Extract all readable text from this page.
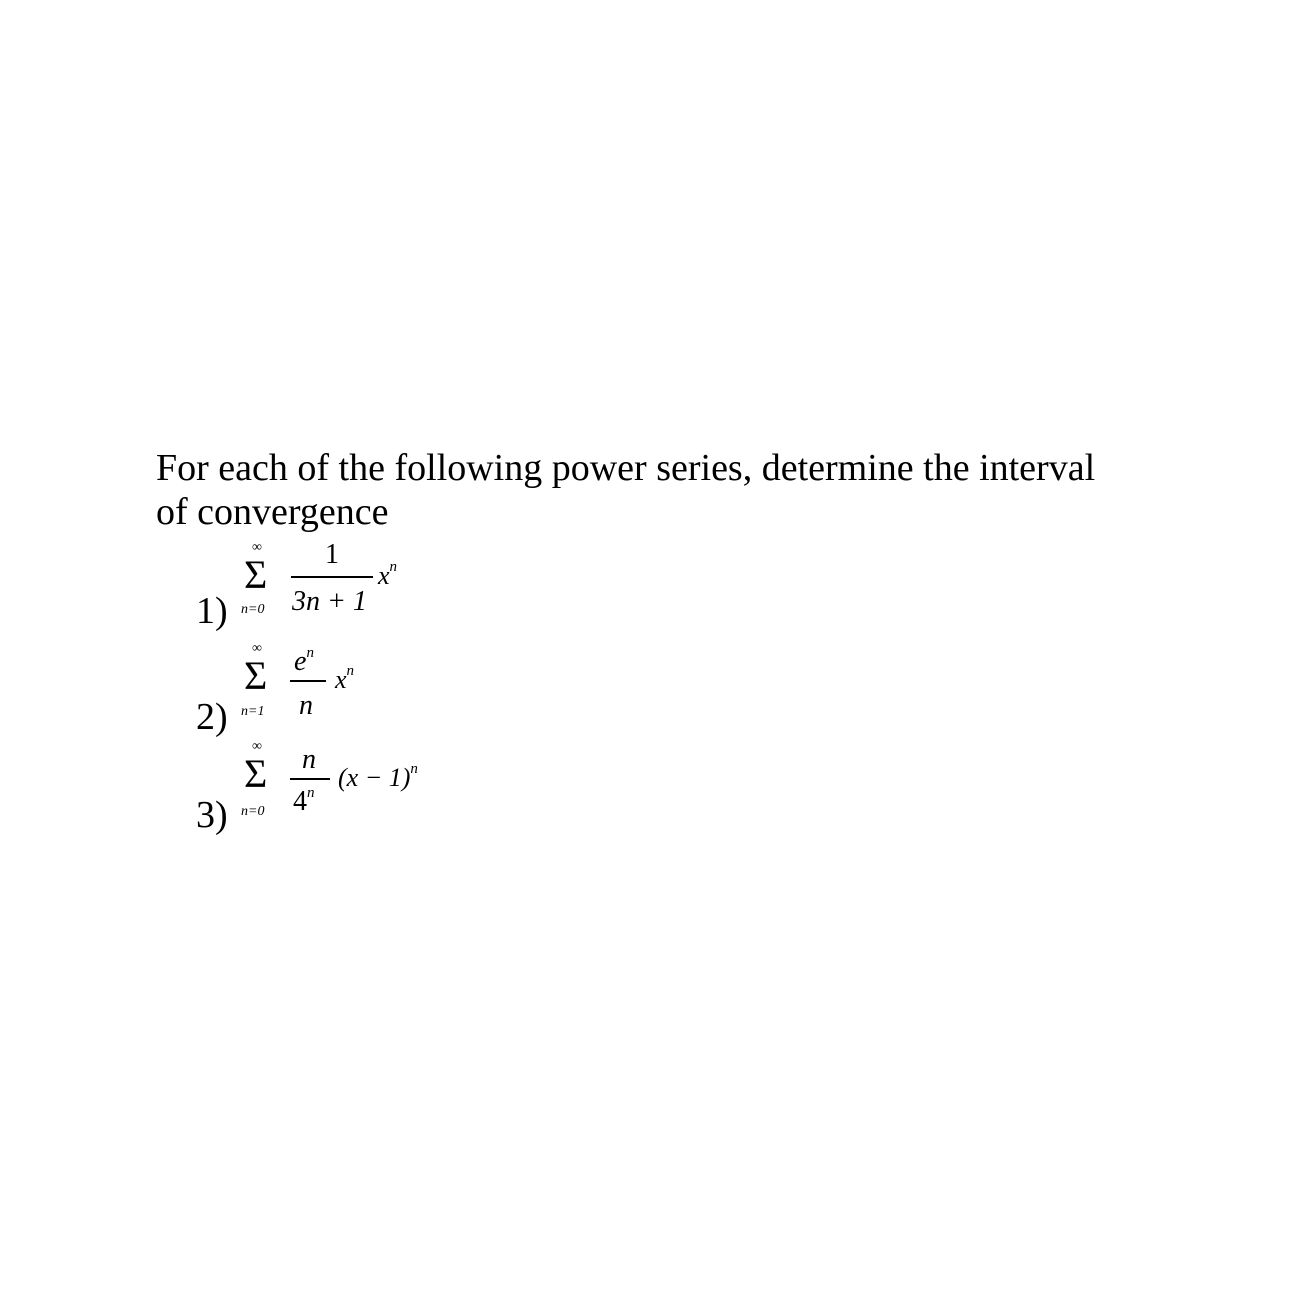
For each of the following power series, determine the interval
of convergence
1)
∞
Σ
n=0
1
3n + 1
$x^n$
2)
∞
Σ
n=1
$e^n$
n
$x^n$
3)
∞
Σ
n=0
n
4$^n$
$(x - 1)^n$
